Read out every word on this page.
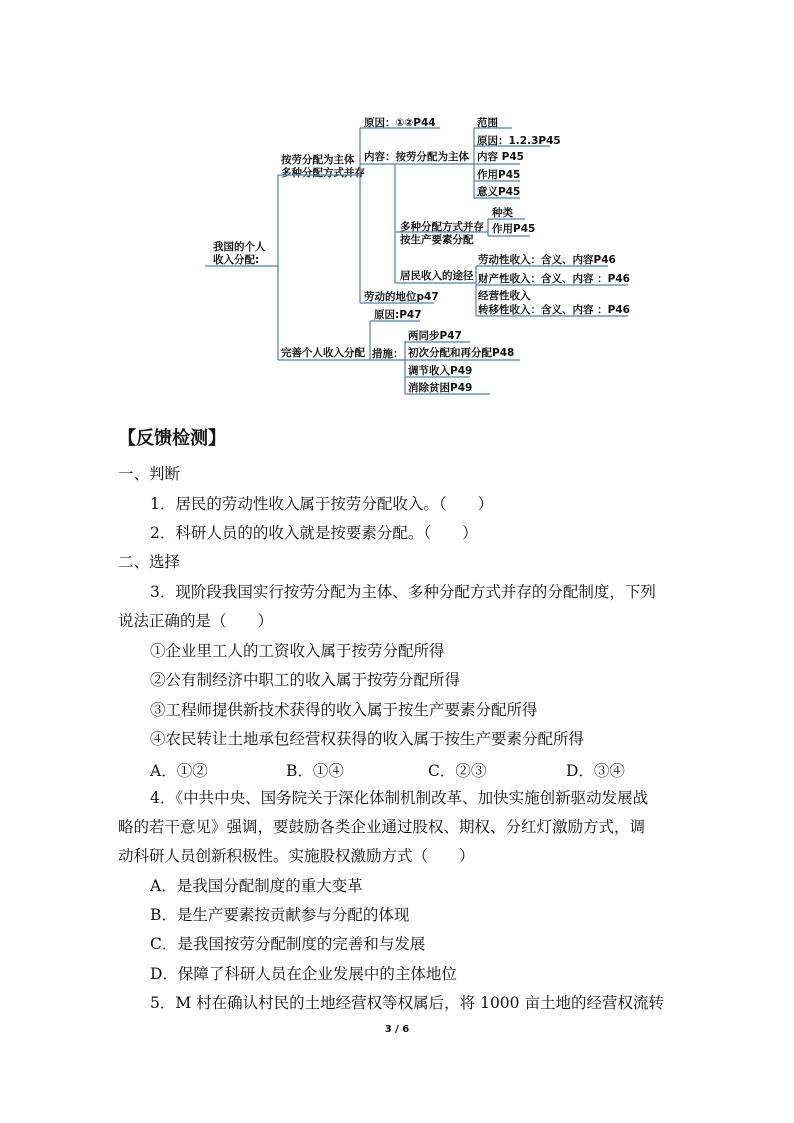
我国的个人
收入分配:
按劳分配为主体
多种分配方式并存
原因：①②P44
内容：按劳分配为主体
范围
原因：1.2.3P45
内容 P45
作用P45
意义P45
多种分配方式并存
按生产要素分配
种类
作用P45
居民收入的途径
劳动性收入：含义、内容P46
财产性收入：含义、内容 ：P46
经营性收入
转移性收入：含义、内容 ：P46
劳动的地位p47
完善个人收入分配
原因:P47
措施：
两同步P47
初次分配和再分配P48
调节收入P49
消除贫困P49
【反馈检测】
一、判断
1．居民的劳动性收入属于按劳分配收入。（　　）
2．科研人员的的收入就是按要素分配。（　　）
二、选择
3．现阶段我国实行按劳分配为主体、多种分配方式并存的分配制度，下列
说法正确的是（　　）
①企业里工人的工资收入属于按劳分配所得
②公有制经济中职工的收入属于按劳分配所得
③工程师提供新技术获得的收入属于按生产要素分配所得
④农民转让土地承包经营权获得的收入属于按生产要素分配所得
A．①②	B．①④	C．②③	D．③④
4．《中共中央、国务院关于深化体制机制改革、加快实施创新驱动发展战
略的若干意见》强调，要鼓励各类企业通过股权、期权、分红灯激励方式，调
动科研人员创新积极性。实施股权激励方式（　　）
A．是我国分配制度的重大变革
B．是生产要素按贡献参与分配的体现
C．是我国按劳分配制度的完善和与发展
D．保障了科研人员在企业发展中的主体地位
5．M 村在确认村民的土地经营权等权属后，将 1000 亩土地的经营权流转
3 / 6
